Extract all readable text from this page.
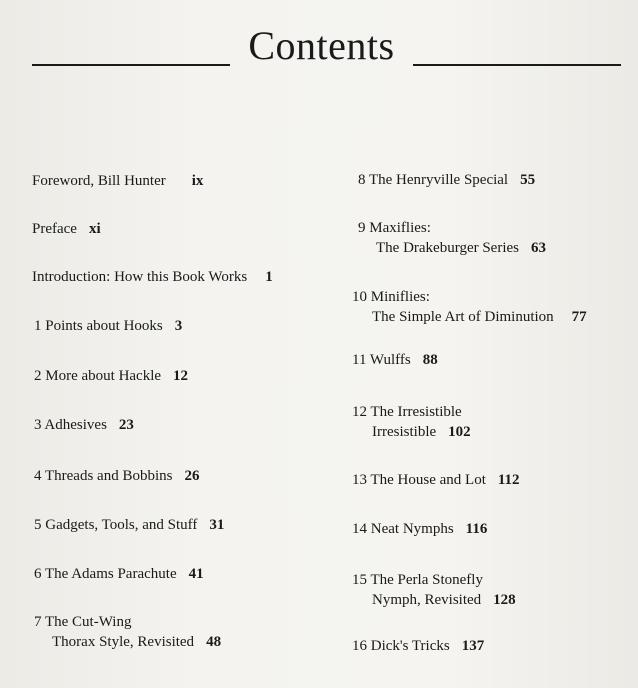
Contents
Foreword, Bill Hunter ix
Preface xi
Introduction: How this Book Works 1
1 Points about Hooks 3
2 More about Hackle 12
3 Adhesives 23
4 Threads and Bobbins 26
5 Gadgets, Tools, and Stuff 31
6 The Adams Parachute 41
7 The Cut-Wing
Thorax Style, Revisited 48
8 The Henryville Special 55
9 Maxiflies:
The Drakeburger Series 63
10 Miniflies:
The Simple Art of Diminution 77
11 Wulffs 88
12 The Irresistible
Irresistible 102
13 The House and Lot 112
14 Neat Nymphs 116
15 The Perla Stonefly
Nymph, Revisited 128
16 Dick's Tricks 137
